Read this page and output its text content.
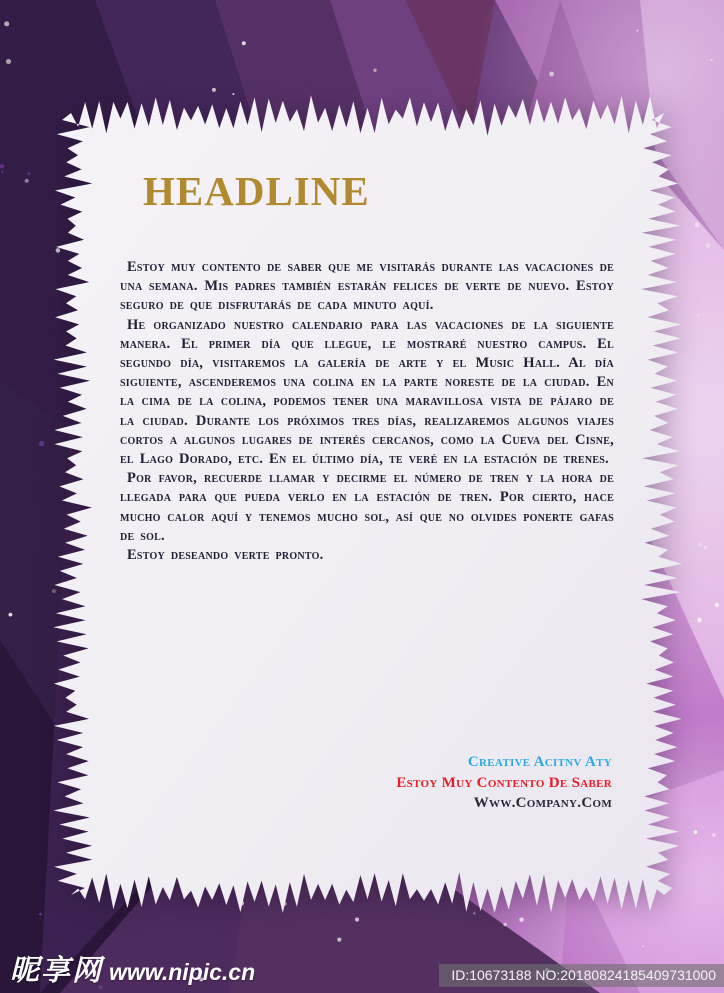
HEADLINE

Estoy muy contento de saber que me visitarás durante las vacaciones de una semana. Mis padres también estarán felices de verte de nuevo. Estoy seguro de que disfrutarás de cada minuto aquí.

He organizado nuestro calendario para las vacaciones de la siguiente manera. El primer día que llegue, le mostraré nuestro campus. El segundo día, visitaremos la galería de arte y el Music Hall. Al día siguiente, ascenderemos una colina en la parte noreste de la ciudad. En la cima de la colina, podemos tener una maravillosa vista de pájaro de la ciudad. Durante los próximos tres días, realizaremos algunos viajes cortos a algunos lugares de interés cercanos, como la Cueva del Cisne, el Lago Dorado, etc. En el último día, te veré en la estación de trenes.

Por favor, recuerde llamar y decirme el número de tren y la hora de llegada para que pueda verlo en la estación de tren. Por cierto, hace mucho calor aquí y tenemos mucho sol, así que no olvides ponerte gafas de sol.

Estoy deseando verte pronto.

Creative Acitnv Aty
Estoy Muy Contento De Saber
Www.Company.Com
昵享网 www.nipic.cn	ID:10673188 NO:20180824185409731000
